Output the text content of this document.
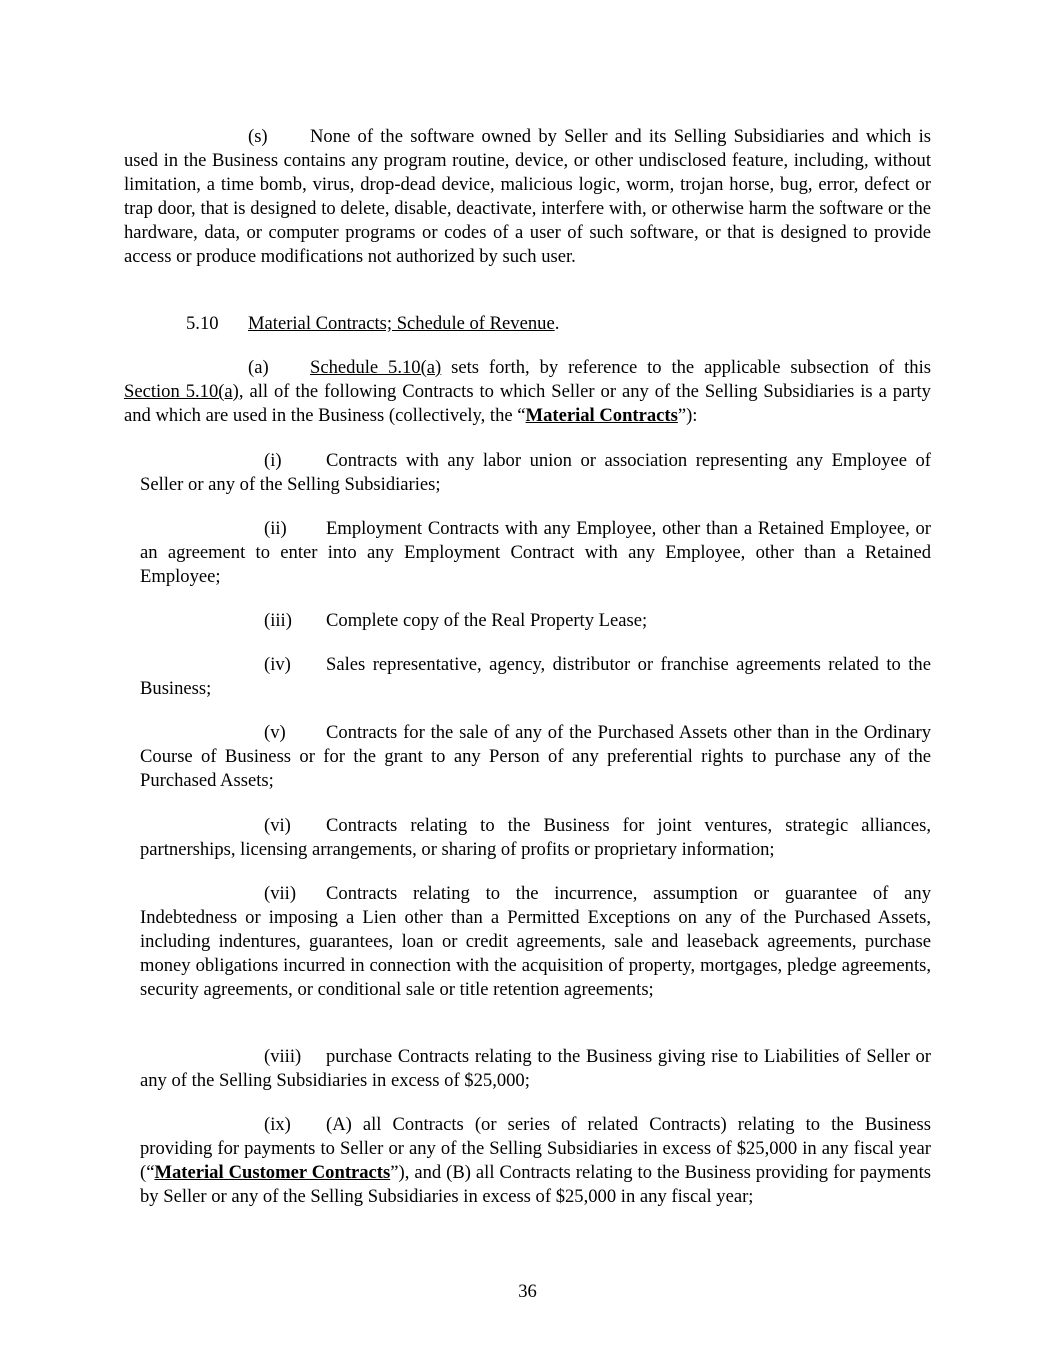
(s) None of the software owned by Seller and its Selling Subsidiaries and which is used in the Business contains any program routine, device, or other undisclosed feature, including, without limitation, a time bomb, virus, drop-dead device, malicious logic, worm, trojan horse, bug, error, defect or trap door, that is designed to delete, disable, deactivate, interfere with, or otherwise harm the software or the hardware, data, or computer programs or codes of a user of such software, or that is designed to provide access or produce modifications not authorized by such user.

5.10 Material Contracts; Schedule of Revenue.

(a) Schedule 5.10(a) sets forth, by reference to the applicable subsection of this Section 5.10(a), all of the following Contracts to which Seller or any of the Selling Subsidiaries is a party and which are used in the Business (collectively, the “Material Contracts”):

(i) Contracts with any labor union or association representing any Employee of Seller or any of the Selling Subsidiaries;

(ii) Employment Contracts with any Employee, other than a Retained Employee, or an agreement to enter into any Employment Contract with any Employee, other than a Retained Employee;

(iii) Complete copy of the Real Property Lease;

(iv) Sales representative, agency, distributor or franchise agreements related to the Business;

(v) Contracts for the sale of any of the Purchased Assets other than in the Ordinary Course of Business or for the grant to any Person of any preferential rights to purchase any of the Purchased Assets;

(vi) Contracts relating to the Business for joint ventures, strategic alliances, partnerships, licensing arrangements, or sharing of profits or proprietary information;

(vii) Contracts relating to the incurrence, assumption or guarantee of any Indebtedness or imposing a Lien other than a Permitted Exceptions on any of the Purchased Assets, including indentures, guarantees, loan or credit agreements, sale and leaseback agreements, purchase money obligations incurred in connection with the acquisition of property, mortgages, pledge agreements, security agreements, or conditional sale or title retention agreements;

(viii) purchase Contracts relating to the Business giving rise to Liabilities of Seller or any of the Selling Subsidiaries in excess of $25,000;

(ix) (A) all Contracts (or series of related Contracts) relating to the Business providing for payments to Seller or any of the Selling Subsidiaries in excess of $25,000 in any fiscal year (“Material Customer Contracts”), and (B) all Contracts relating to the Business providing for payments by Seller or any of the Selling Subsidiaries in excess of $25,000 in any fiscal year;

36
